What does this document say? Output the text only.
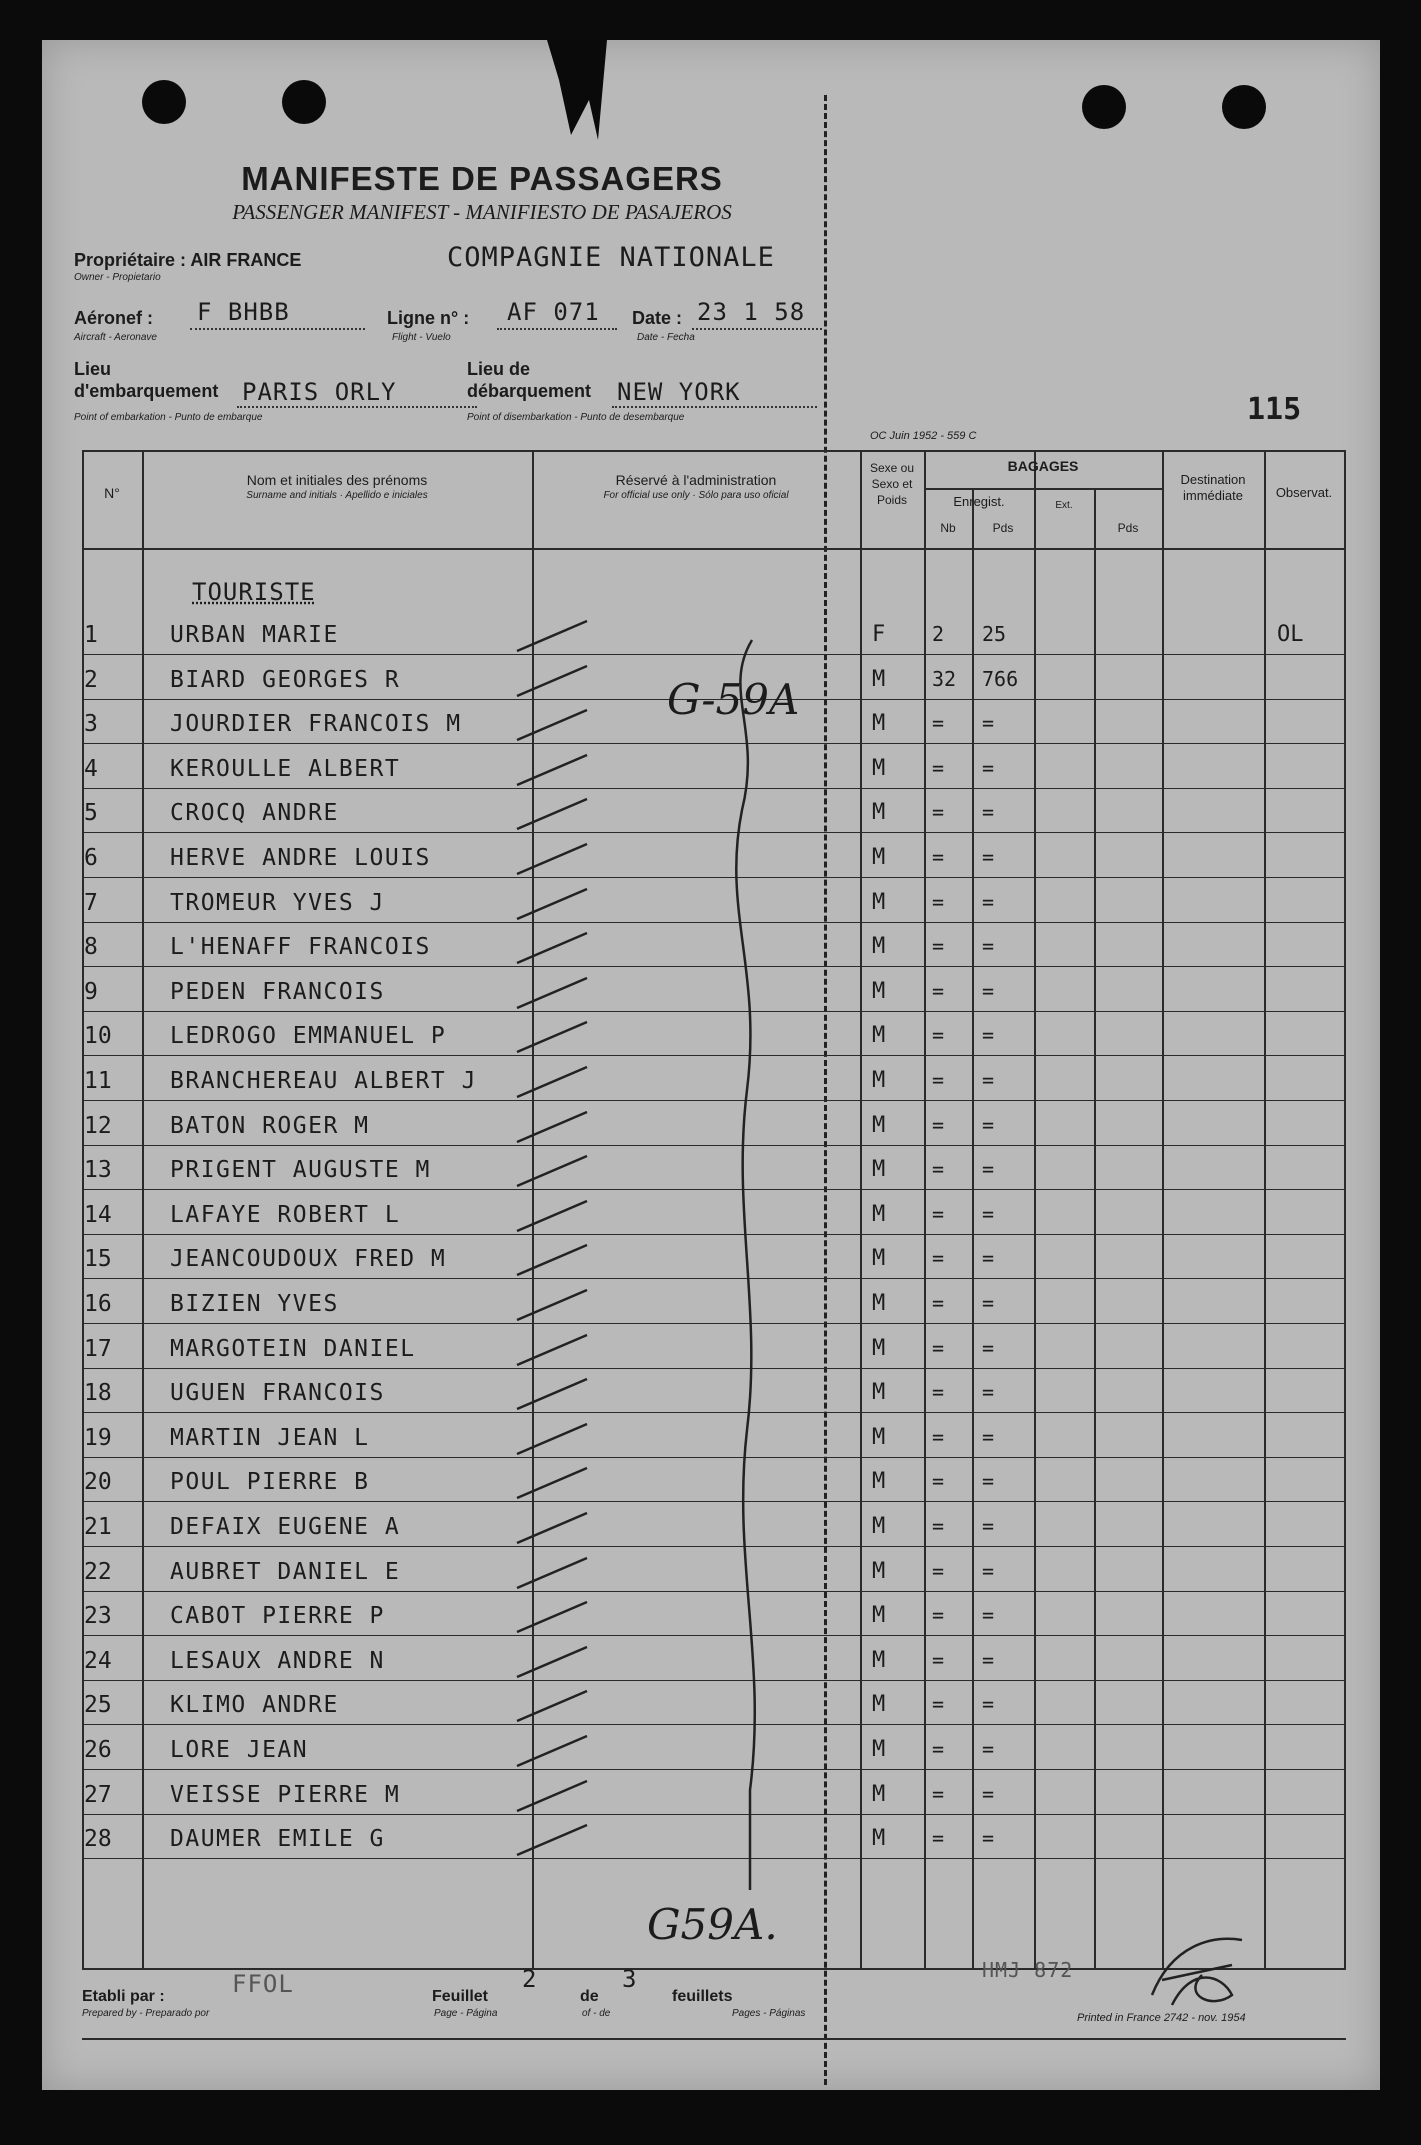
MANIFESTE DE PASSAGERS
PASSENGER MANIFEST - MANIFIESTO DE PASAJEROS
Propriétaire : AIR FRANCE	COMPAGNIE NATIONALE
Owner - Propietario
Aéronef : F BHBB
Aircraft - Aeronave
Ligne n° : AF 071
Flight - Vuelo
Date : 23 1 58
Date - Fecha
Lieu d'embarquement PARIS ORLY
Point of embarkation - Punto de embarque
Lieu de débarquement	NEW YORK
Point of disembarkation - Punto de desembarque
OC Juin 1952 - 559 C
115
N°
Nom et initiales des prénoms
Surname and initials · Apellido e iniciales
Réservé à l'administration
For official use only · Sólo para uso oficial
Sexe ou Sexo et Poids
BAGAGES
Enregist.
Nb	Pds
Ext.
Pds
Destination immédiate	Observat.
TOURISTE
1	URBAN MARIE	F 2 25	OL
2	BIARD GEORGES R	M 32 766
3	JOURDIER FRANCOIS M	M = =
4	KEROULLE ALBERT	M = =
5	CROCQ ANDRE	M = =
6	HERVE ANDRE LOUIS	M = =
7	TROMEUR YVES J	M = =
8	L'HENAFF FRANCOIS	M = =
9	PEDEN FRANCOIS	M = =
10	LEDROGO EMMANUEL P	M = =
11	BRANCHEREAU ALBERT J	M = =
12	BATON ROGER M	M = =
13	PRIGENT AUGUSTE M	M = =
14	LAFAYE ROBERT L	M = =
15	JEANCOUDOUX FRED M	M = =
16	BIZIEN YVES	M = =
17	MARGOTEIN DANIEL	M = =
18	UGUEN FRANCOIS	M = =
19	MARTIN JEAN L	M = =
20	POUL PIERRE B	M = =
21	DEFAIX EUGENE A	M = =
22	AUBRET DANIEL E	M = =
23	CABOT PIERRE P	M = =
24	LESAUX ANDRE N	M = =
25	KLIMO ANDRE	M = =
26	LORE JEAN	M = =
27	VEISSE PIERRE M	M = =
28	DAUMER EMILE G	M = =
G-59A
G59A.
Etabli par :	FFOL
Prepared by - Preparado por
Feuillet
2
Page - Página
de
3
of - de
feuillets
Pages - Páginas
HMJ 872
Printed in France 2742 - nov. 1954
